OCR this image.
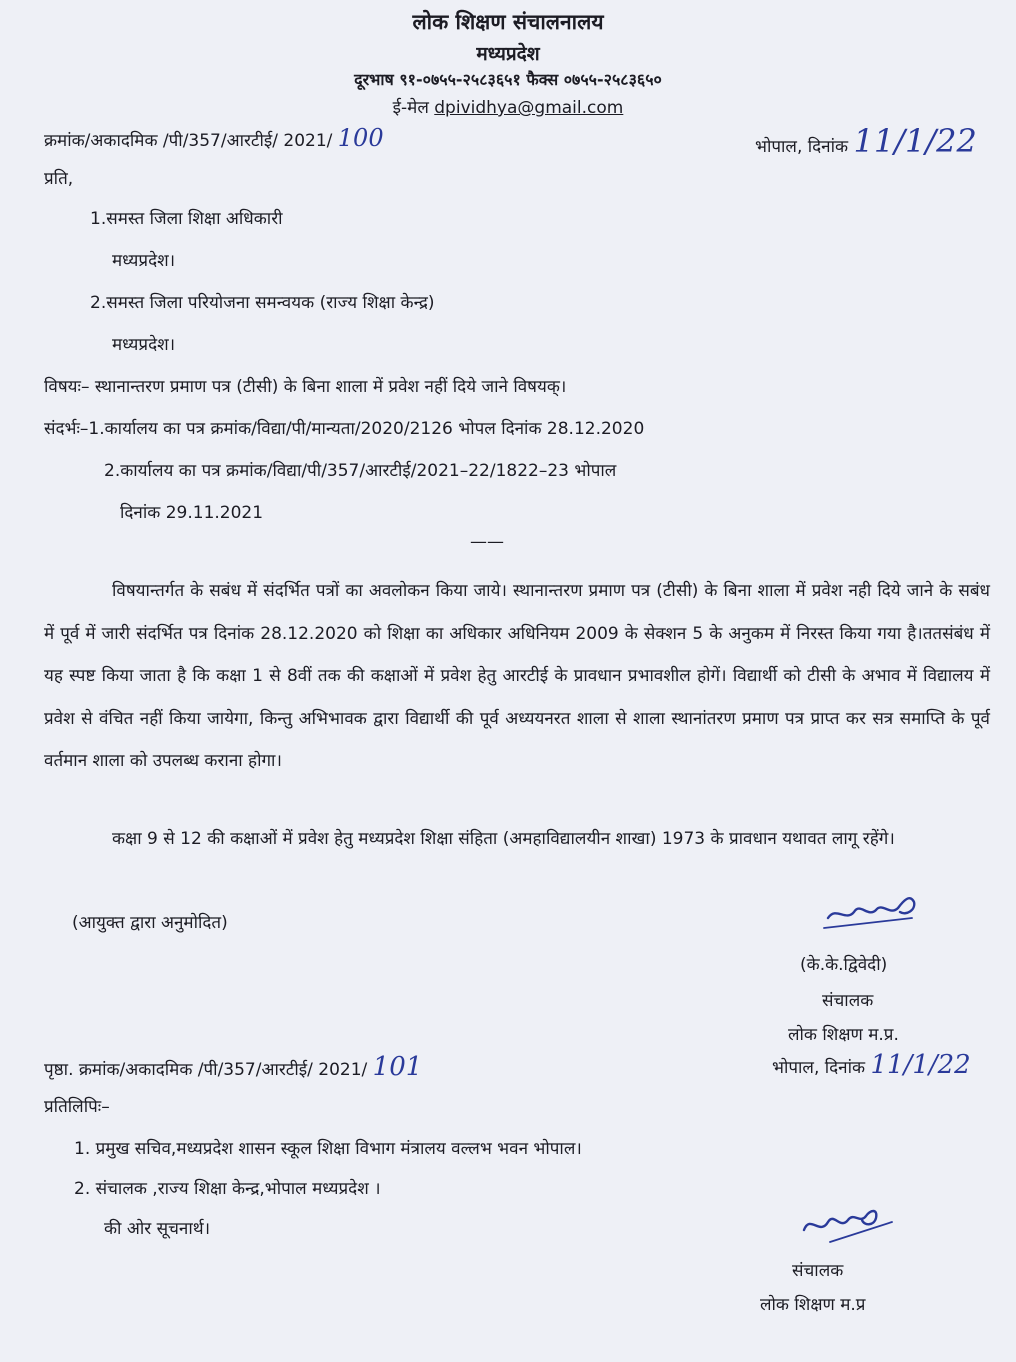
लोक शिक्षण संचालनालय
मध्यप्रदेश
दूरभाष ९१-०७५५-२५८३६५१ फैक्स ०७५५-२५८३६५०
ई-मेल dpividhya@gmail.com
क्रमांक/अकादमिक /पी/357/आरटीई/ 2021/ 100	भोपाल, दिनांक 11/1/22
प्रति,
1.समस्त जिला शिक्षा अधिकारी
मध्यप्रदेश।
2.समस्त जिला परियोजना समन्वयक (राज्य शिक्षा केन्द्र)
मध्यप्रदेश।
विषयः– स्थानान्तरण प्रमाण पत्र (टीसी) के बिना शाला में प्रवेश नहीं दिये जाने विषयक्।
संदर्भः–1.कार्यालय का पत्र क्रमांक/विद्या/पी/मान्यता/2020/2126 भोपल दिनांक 28.12.2020
2.कार्यालय का पत्र क्रमांक/विद्या/पी/357/आरटीई/2021–22/1822–23 भोपाल
दिनांक 29.11.2021
——
विषयान्तर्गत के सबंध में संदर्भित पत्रों का अवलोकन किया जाये। स्थानान्तरण प्रमाण पत्र (टीसी) के बिना शाला में प्रवेश नही दिये जाने के सबंध में पूर्व में जारी संदर्भित पत्र दिनांक 28.12.2020 को शिक्षा का अधिकार अधिनियम 2009 के सेक्शन 5 के अनुकम में निरस्त किया गया है।ततसंबंध में यह स्पष्ट किया जाता है कि कक्षा 1 से 8वीं तक की कक्षाओं में प्रवेश हेतु आरटीई के प्रावधान प्रभावशील होगें। विद्यार्थी को टीसी के अभाव में विद्यालय में प्रवेश से वंचित नहीं किया जायेगा, किन्तु अभिभावक द्वारा विद्यार्थी की पूर्व अध्ययनरत शाला से शाला स्थानांतरण प्रमाण पत्र प्राप्त कर सत्र समाप्ति के पूर्व वर्तमान शाला को उपलब्ध कराना होगा।
कक्षा 9 से 12 की कक्षाओं में प्रवेश हेतु मध्यप्रदेश शिक्षा संहिता (अमहाविद्यालयीन शाखा) 1973 के प्रावधान यथावत लागू रहेंगे।
(आयुक्त द्वारा अनुमोदित)
(के.के.द्विवेदी)
संचालक
लोक शिक्षण म.प्र.
पृष्ठा. क्रमांक/अकादमिक /पी/357/आरटीई/ 2021/ 101	भोपाल, दिनांक 11/1/22
प्रतिलिपिः–
1. प्रमुख सचिव,मध्यप्रदेश शासन स्कूल शिक्षा विभाग मंत्रालय वल्लभ भवन भोपाल।
2. संचालक ,राज्य शिक्षा केन्द्र,भोपाल मध्यप्रदेश ।
की ओर सूचनार्थ।
संचालक
लोक शिक्षण म.प्र
